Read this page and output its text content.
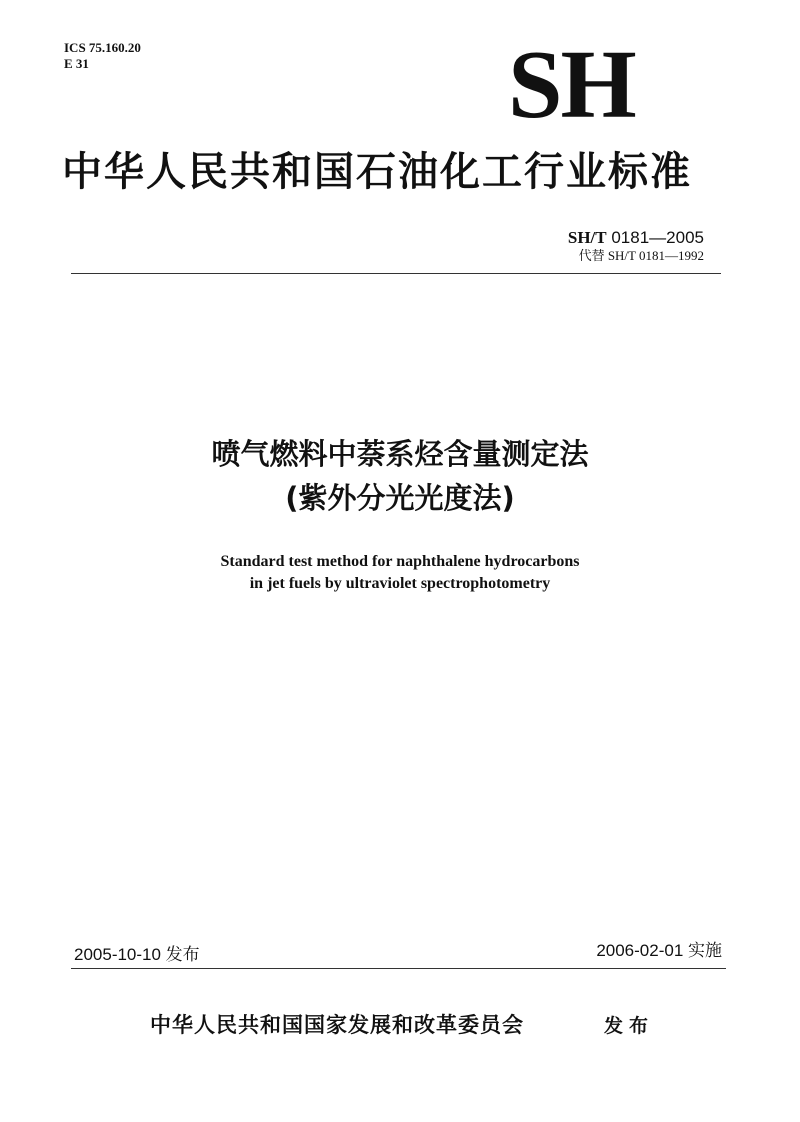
ICS 75.160.20
E 31	SH
中华人民共和国石油化工行业标准
SH/T 0181—2005
代替 SH/T 0181—1992
喷气燃料中萘系烃含量测定法
(紫外分光光度法)
Standard test method for naphthalene hydrocarbons
in jet fuels by ultraviolet spectrophotometry
2005-10-10 发布	2006-02-01 实施
中华人民共和国国家发展和改革委员会	发布
